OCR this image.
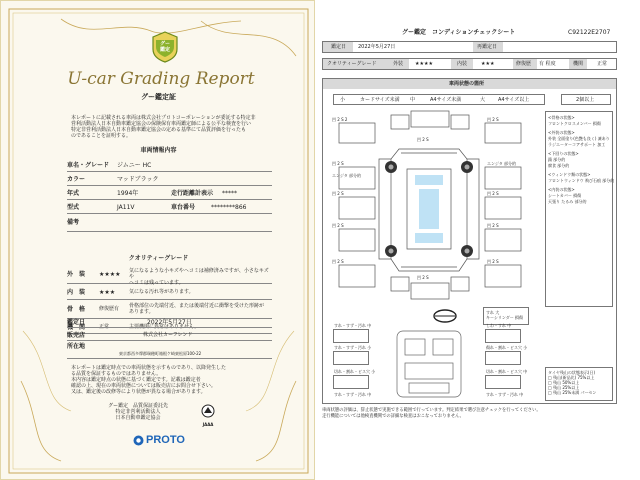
グー
鑑定
U-car Grading Report
グー鑑定証
本レポートに記載される車両は株式会社プロトコーポレーションが委託する特定非
営利活動法人日本自動車鑑定協会の保険保有車両鑑定師による公平な検査を行い
特定非営利活動法人日本自動車鑑定協会の定める基準にて品質評価を行ったも
のであることを証明する。
車両情報内容
車名・グレード ジムニー HC
カラー	マッドブラック
年式	1994年	走行距離計表示 *****
型式	JA11V	車台番号	********866
備考
クオリティーグレード
外　装 ★★★★ 気になるような小キズやヘコミは補修済みですが、小さなキズや
ヘコミは残っています。
内　装 ★★★	気になる汚れ等があります。
骨　格	修復歴有 骨格部位の先端付近、または後端付近に衝撃を受けた形跡が
あります。
機　関	正常	主要機関に異常はありません。
鑑定日	2022年5月27日
販売店	株式会社カーフレンド
所在地
東京都西多摩郡瑞穂町箱根ケ崎東松原100-22
本レポートは鑑定時点での車両状態を示すものであり、以降発生した
る品質を保証するものではありません。
本内容は鑑定時点の状態に基づく鑑定です。記載は鑑定者
確認の上、現在の車両状態については販売店にお問合せ下さい。
又は、鑑定後の改修等により状態が異なる場合があります。
グー鑑定　品質保証委託先
特定非営利活動法人
日本自動車鑑定協会
JAAA
PROTO
グー鑑定　コンディションチェックシート	C92122E2707
鑑定日 2022年5月27日	再鑑定日
クオリティーグレード	外装 ★★★★	内装	★★★	修復歴 有 程度	機関	正常
車両状態の箇所
小	カードサイズ未満 中	A4サイズ未満	大	A4サイズ以上	2個以上
凹 2 S 2
凹 2 S
エンジタ 部分的
凹 2 S
凹 2 S
凹 2 S
凹 2 S
エンジタ 部分的
凹 2 S
凹 2 S
凹 2 S
凹 2 S
凹 2 S
<骨格の状態>
フロントクロスメンバー 損傷
<外装の状態>
外装 全面塗り(色艶も良く) 凍あり
ラジエーターコアサポート 加工
<下回りの状態>
錆 部分的
腐食 部分的
<ウィンドウ類の状態>
フロントウィンドウ 飛び石痕 部分的
<内装の状態>
シートカバー 損傷
天張り たるみ 部分的
すれ 大
キーシリンダー 損傷
すれ・すず・汚れ 中	しわ・すれ 中
すれ・すず・汚れ 小	傷れ・割れ・ピス穴 小
切れ・割れ・ピス穴 小	切れ・割れ・ピス穴 中
すれ・すず・汚れ 中	すれ・すず・汚れ 中
タイヤ残山の状態表示(日)
□ 残山(新品比) 75%以上
□ 残山 50%以上
□ 残山 25%以上
□ 残山 25%未満 パーセン
車両状態の評価は、辞止状態で実施できる範囲で行っています。判定結果で選び注意チェックを行ってください。
走行機能については他検査機関での詳細な検査はおこなっておりません。
